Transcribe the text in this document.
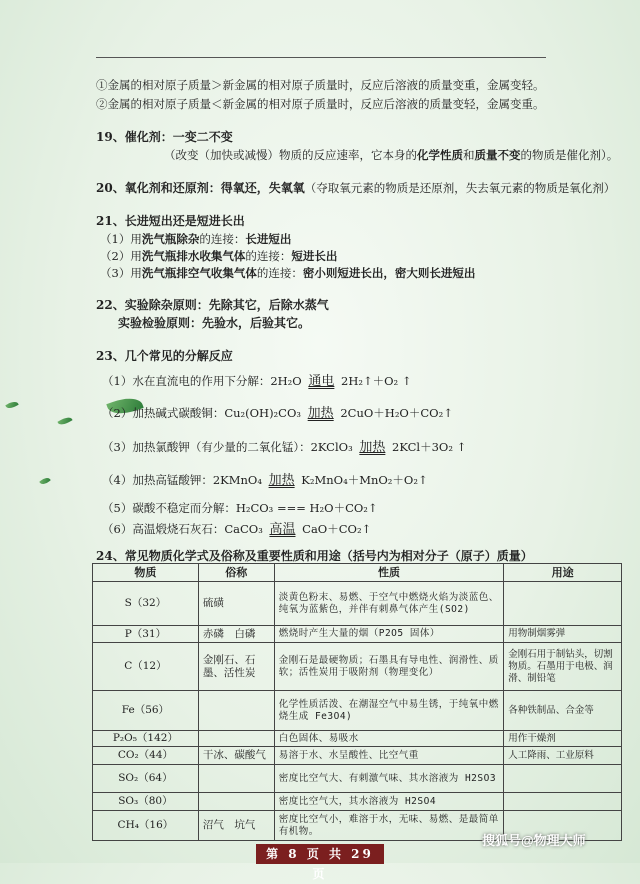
①金属的相对原子质量＞新金属的相对原子质量时，反应后溶液的质量变重，金属变轻。
②金属的相对原子质量＜新金属的相对原子质量时，反应后溶液的质量变轻，金属变重。
19、催化剂：一变二不变
（改变（加快或减慢）物质的反应速率，它本身的化学性质和质量不变的物质是催化剂）。
20、氧化剂和还原剂：得氧还，失氧氧（夺取氧元素的物质是还原剂，失去氧元素的物质是氧化剂）
21、长进短出还是短进长出
（1）用洗气瓶除杂的连接：长进短出
（2）用洗气瓶排水收集气体的连接：短进长出
（3）用洗气瓶排空气收集气体的连接：密小则短进长出，密大则长进短出
22、实验除杂原则：先除其它，后除水蒸气
实验检验原则：先验水，后验其它。
23、几个常见的分解反应
（1）水在直流电的作用下分解：2H₂O 通电 2H₂↑＋O₂ ↑
（2）加热碱式碳酸铜：Cu₂(OH)₂CO₃ 加热 2CuO＋H₂O＋CO₂↑
（3）加热氯酸钾（有少量的二氧化锰）：2KClO₃ 加热 2KCl＋3O₂ ↑
（4）加热高锰酸钾：2KMnO₄ 加热 K₂MnO₄＋MnO₂＋O₂↑
（5）碳酸不稳定而分解：H₂CO₃ === H₂O＋CO₂↑
（6）高温煅烧石灰石：CaCO₃ 高温 CaO＋CO₂↑
24、常见物质化学式及俗称及重要性质和用途（括号内为相对分子（原子）质量）
物质	俗称	性质	用途
S（32）	硫磺	淡黄色粉末、易燃、于空气中燃烧火焰为淡蓝色、纯氧为蓝紫色，并伴有刺鼻气体产生(SO2)	
P（31）	赤磷　白磷	燃烧时产生大量的烟（P2O5 固体）	用物制烟雾弹
C（12）	金刚石、石墨、活性炭	金刚石是最硬物质；石墨具有导电性、润滑性、质软；活性炭用于吸附剂（物理变化）	金刚石用于制钻头，切割物质。石墨用于电极、润滑、制铅笔
Fe（56）		化学性质活泼、在潮湿空气中易生锈，于纯氧中燃烧生成 Fe3O4)	各种铁制品、合金等
P₂O₅（142）		白色固体、易吸水	用作干燥剂
CO₂（44）	干冰、碳酸气	易溶于水、水呈酸性、比空气重	人工降雨、工业原料
SO₂（64）		密度比空气大、有刺激气味、其水溶液为 H2SO3	
SO₃（80）		密度比空气大，其水溶液为 H2SO4	
CH₄（16）	沼气　坑气	密度比空气小，难溶于水，无味、易燃、是最简单有机物。	
第 8 页 共 29 页
搜狐号@物理大师
